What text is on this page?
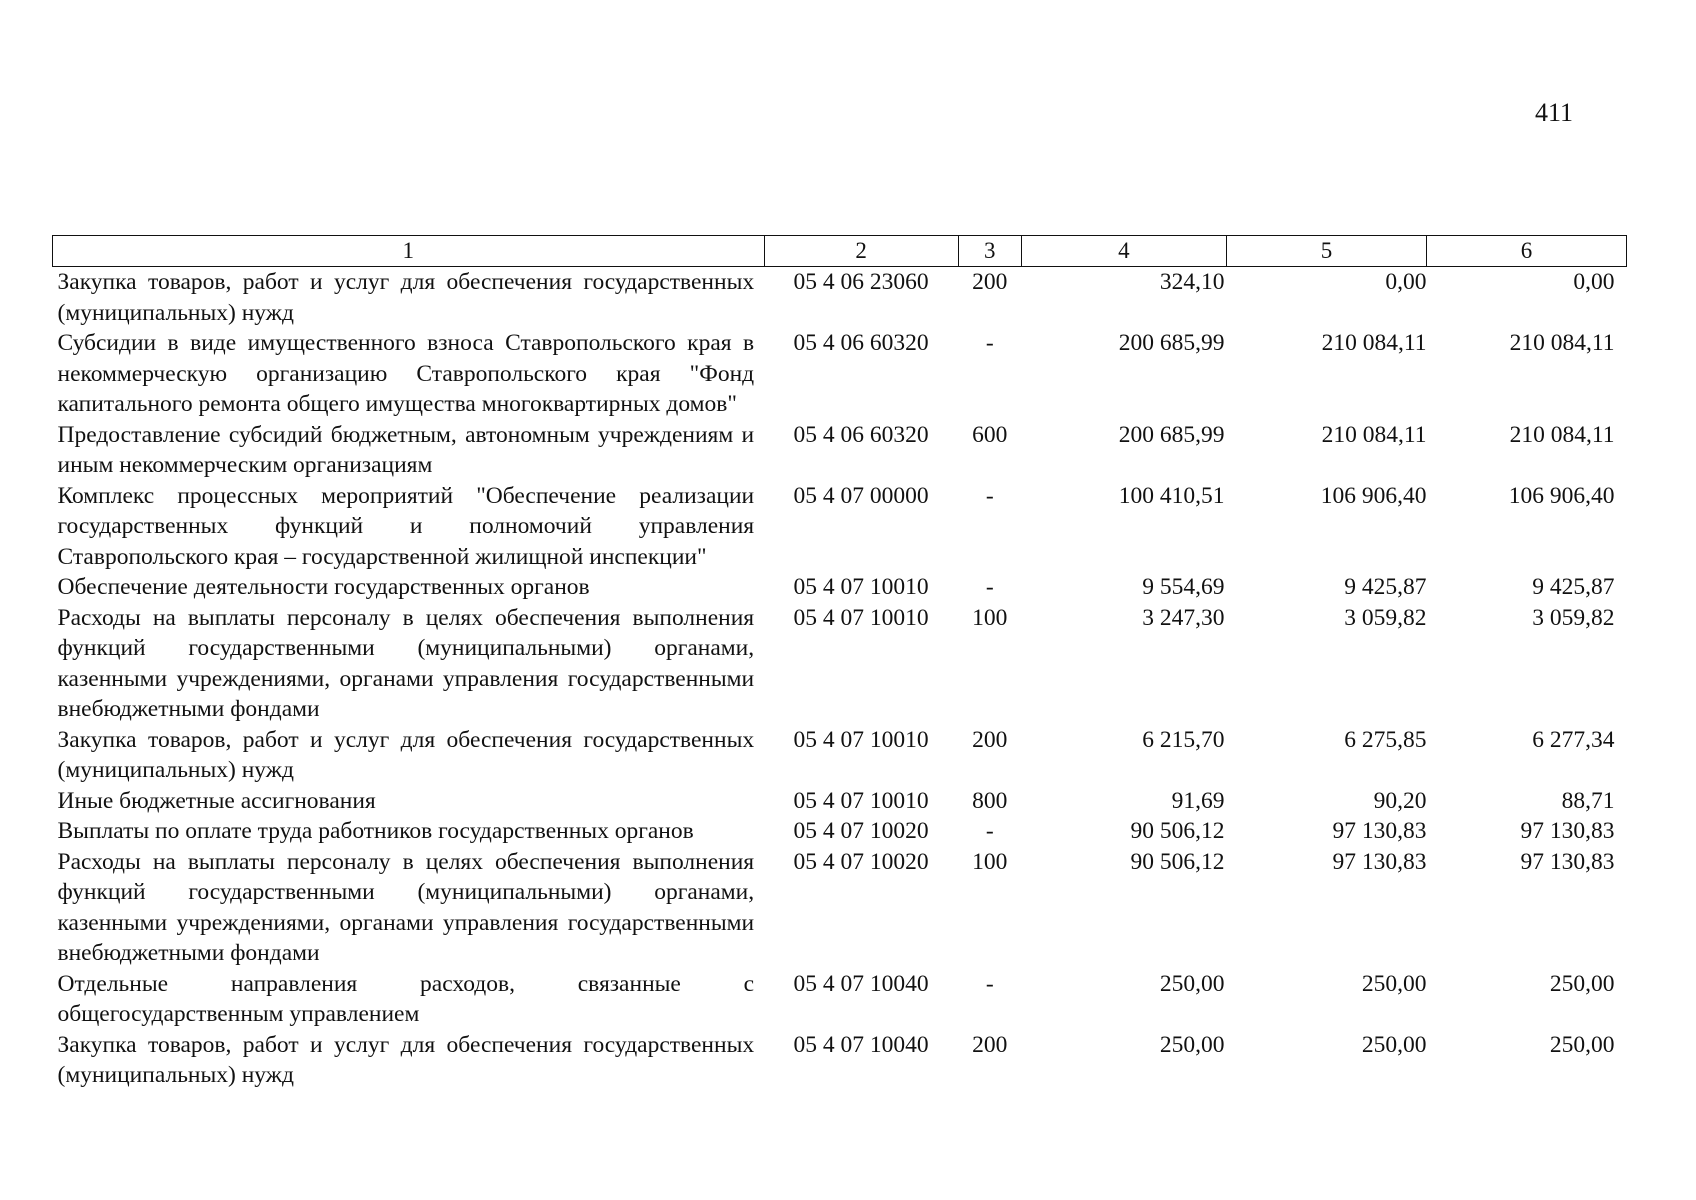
411
1	2	3	4	5	6
Закупка товаров, работ и услуг для обеспечения государственных (муниципальных) нужд	05 4 06 23060	200	324,10	0,00	0,00
Субсидии в виде имущественного взноса Ставропольского края в некоммерческую организацию Ставропольского края "Фонд капитального ремонта общего имущества многоквартирных домов"	05 4 06 60320	-	200 685,99	210 084,11	210 084,11
Предоставление субсидий бюджетным, автономным учреждениям и иным некоммерческим организациям	05 4 06 60320	600	200 685,99	210 084,11	210 084,11
Комплекс процессных мероприятий "Обеспечение реализации государственных функций и полномочий управления Ставропольского края – государственной жилищной инспекции"	05 4 07 00000	-	100 410,51	106 906,40	106 906,40
Обеспечение деятельности государственных органов	05 4 07 10010	-	9 554,69	9 425,87	9 425,87
Расходы на выплаты персоналу в целях обеспечения выполнения функций государственными (муниципальными) органами, казенными учреждениями, органами управления государственными внебюджетными фондами	05 4 07 10010	100	3 247,30	3 059,82	3 059,82
Закупка товаров, работ и услуг для обеспечения государственных (муниципальных) нужд	05 4 07 10010	200	6 215,70	6 275,85	6 277,34
Иные бюджетные ассигнования	05 4 07 10010	800	91,69	90,20	88,71
Выплаты по оплате труда работников государственных органов	05 4 07 10020	-	90 506,12	97 130,83	97 130,83
Расходы на выплаты персоналу в целях обеспечения выполнения функций государственными (муниципальными) органами, казенными учреждениями, органами управления государственными внебюджетными фондами	05 4 07 10020	100	90 506,12	97 130,83	97 130,83
Отдельные направления расходов, связанные с общегосударственным управлением	05 4 07 10040	-	250,00	250,00	250,00
Закупка товаров, работ и услуг для обеспечения государственных (муниципальных) нужд	05 4 07 10040	200	250,00	250,00	250,00
